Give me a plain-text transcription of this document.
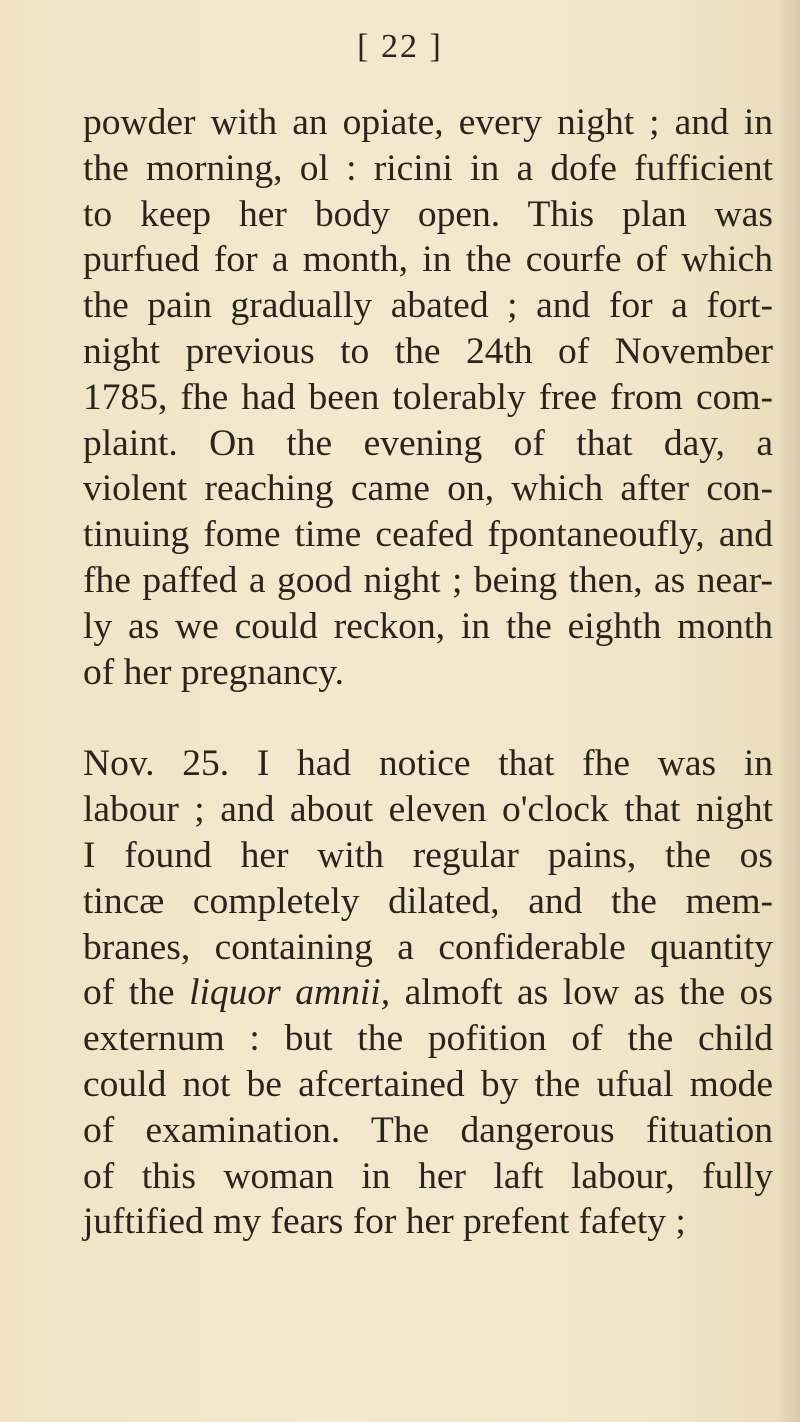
[ 22 ]
powder with an opiate, every night ; and in
the morning, ol : ricini in a dofe fufficient
to keep her body open. This plan was
purfued for a month, in the courfe of which
the pain gradually abated ; and for a fort-
night previous to the 24th of November
1785, fhe had been tolerably free from com-
plaint. On the evening of that day, a
violent reaching came on, which after con-
tinuing fome time ceafed fpontaneoufly, and
fhe paffed a good night ; being then, as near-
ly as we could reckon, in the eighth month
of her pregnancy.
Nov. 25. I had notice that fhe was in
labour ; and about eleven o'clock that night
I found her with regular pains, the os
tincæ completely dilated, and the mem-
branes, containing a confiderable quantity
of the liquor amnii, almoft as low as the os
externum : but the pofition of the child
could not be afcertained by the ufual mode
of examination. The dangerous fituation
of this woman in her laft labour, fully
juftified my fears for her prefent fafety ;
